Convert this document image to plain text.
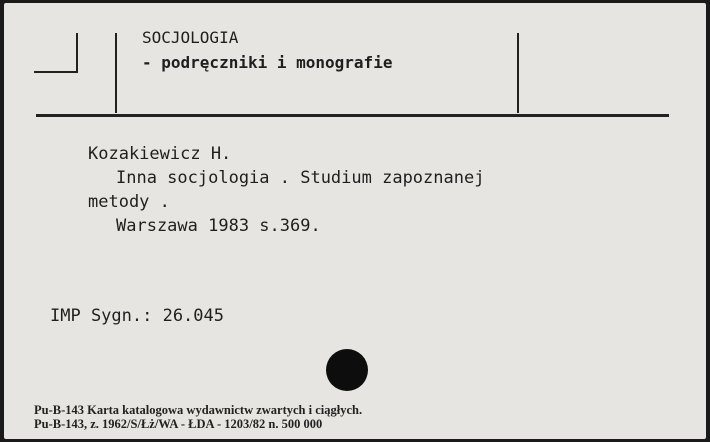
SOCJOLOGIA
- podręczniki i monografie
Kozakiewicz H.
Inna socjologia . Studium zapoznanej
metody .
Warszawa 1983 s.369.
IMP Sygn.: 26.045
Pu-B-143 Karta katalogowa wydawnictw zwartych i ciągłych.
Pu-B-143, z. 1962/S/Łż/WA - ŁDA - 1203/82 n. 500 000
